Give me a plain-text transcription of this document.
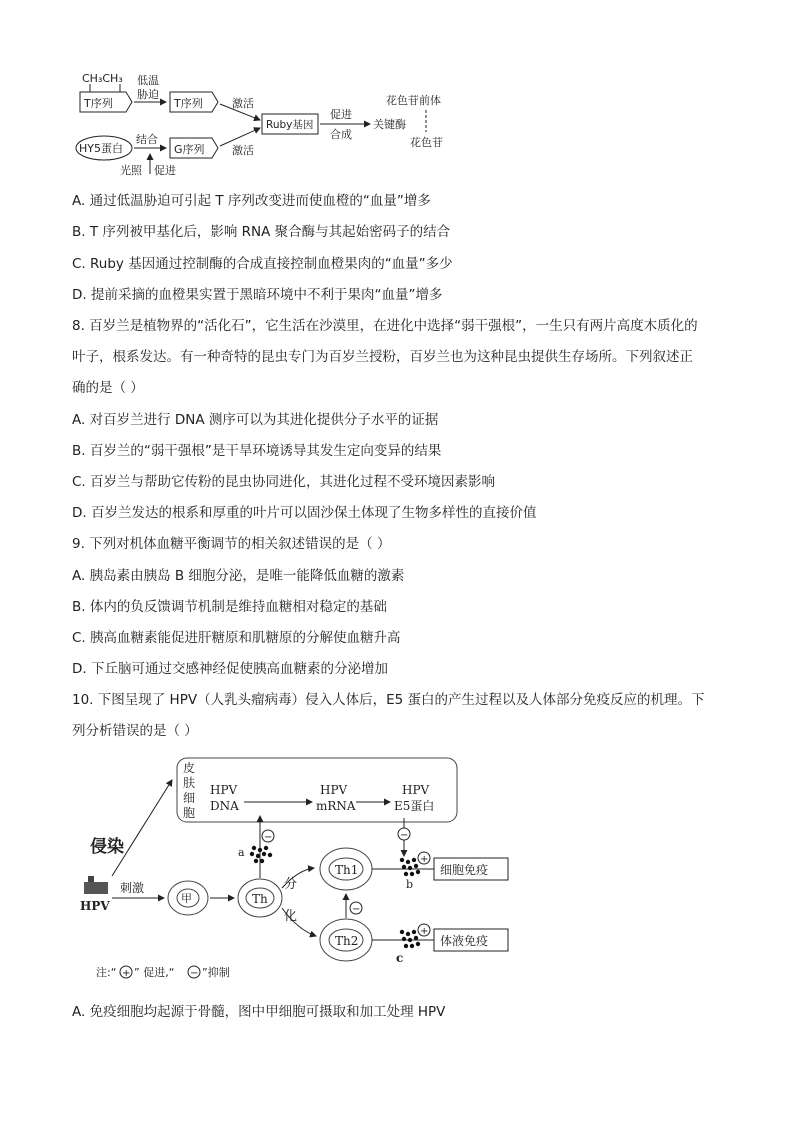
CH₃CH₃
T序列
低温
胁迫
T序列	激活
HY5蛋白
结合
G序列
光照 促进
激活
Ruby基因
促进
合成
关键酶
花色苷前体
花色苷
A. 通过低温胁迫可引起 T 序列改变进而使血橙的“血量”增多
B. T 序列被甲基化后，影响 RNA 聚合酶与其起始密码子的结合
C. Ruby 基因通过控制酶的合成直接控制血橙果肉的“血量”多少
D. 提前采摘的血橙果实置于黑暗环境中不利于果肉“血量”增多
8. 百岁兰是植物界的“活化石”，它生活在沙漠里，在进化中选择“弱干强根”，一生只有两片高度木质化的
叶子，根系发达。有一种奇特的昆虫专门为百岁兰授粉，百岁兰也为这种昆虫提供生存场所。下列叙述正
确的是（ ）
A. 对百岁兰进行 DNA 测序可以为其进化提供分子水平的证据
B. 百岁兰的“弱干强根”是干旱环境诱导其发生定向变异的结果
C. 百岁兰与帮助它传粉的昆虫协同进化，其进化过程不受环境因素影响
D. 百岁兰发达的根系和厚重的叶片可以固沙保土体现了生物多样性的直接价值
9. 下列对机体血糖平衡调节的相关叙述错误的是（ ）
A. 胰岛素由胰岛 B 细胞分泌，是唯一能降低血糖的激素
B. 体内的负反馈调节机制是维持血糖相对稳定的基础
C. 胰高血糖素能促进肝糖原和肌糖原的分解使血糖升高
D. 下丘脑可通过交感神经促使胰高血糖素的分泌增加
10. 下图呈现了 HPV（人乳头瘤病毒）侵入人体后，E5 蛋白的产生过程以及人体部分免疫反应的机理。下
列分析错误的是（ ）
皮
肤
细
胞
HPV
DNA
HPV
mRNA
HPV
E5蛋白
侵染
HPV
刺激
甲	Th
−
a
分
化
Th1
Th2
−
−
+
b
细胞免疫
+
c
体液免疫
注:“ + ” 促进,“ − ”抑制
A. 免疫细胞均起源于骨髓，图中甲细胞可摄取和加工处理 HPV
